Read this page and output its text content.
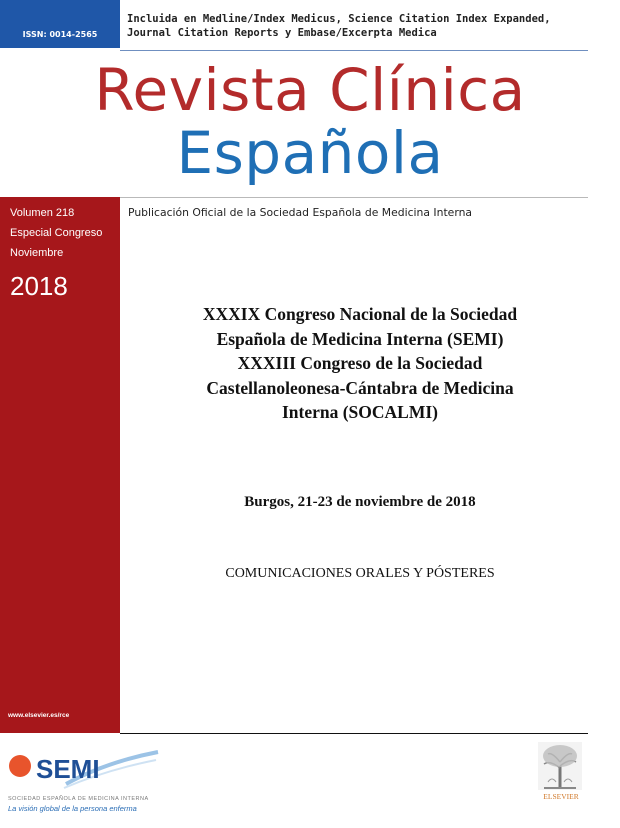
ISSN: 0014-2565
Incluida en Medline/Index Medicus, Science Citation Index Expanded,
Journal Citation Reports y Embase/Excerpta Medica
Revista Clínica
Española
Volumen 218
Especial Congreso
Noviembre
2018
www.elsevier.es/rce
Publicación Oficial de la Sociedad Española de Medicina Interna
XXXIX Congreso Nacional de la Sociedad
Española de Medicina Interna (SEMI)
XXXIII Congreso de la Sociedad
Castellanoleonesa-Cántabra de Medicina
Interna (SOCALMI)
Burgos, 21-23 de noviembre de 2018
COMUNICACIONES ORALES Y PÓSTERES
SEMI
SOCIEDAD ESPAÑOLA DE MEDICINA INTERNA
La visión global de la persona enferma
ELSEVIER
